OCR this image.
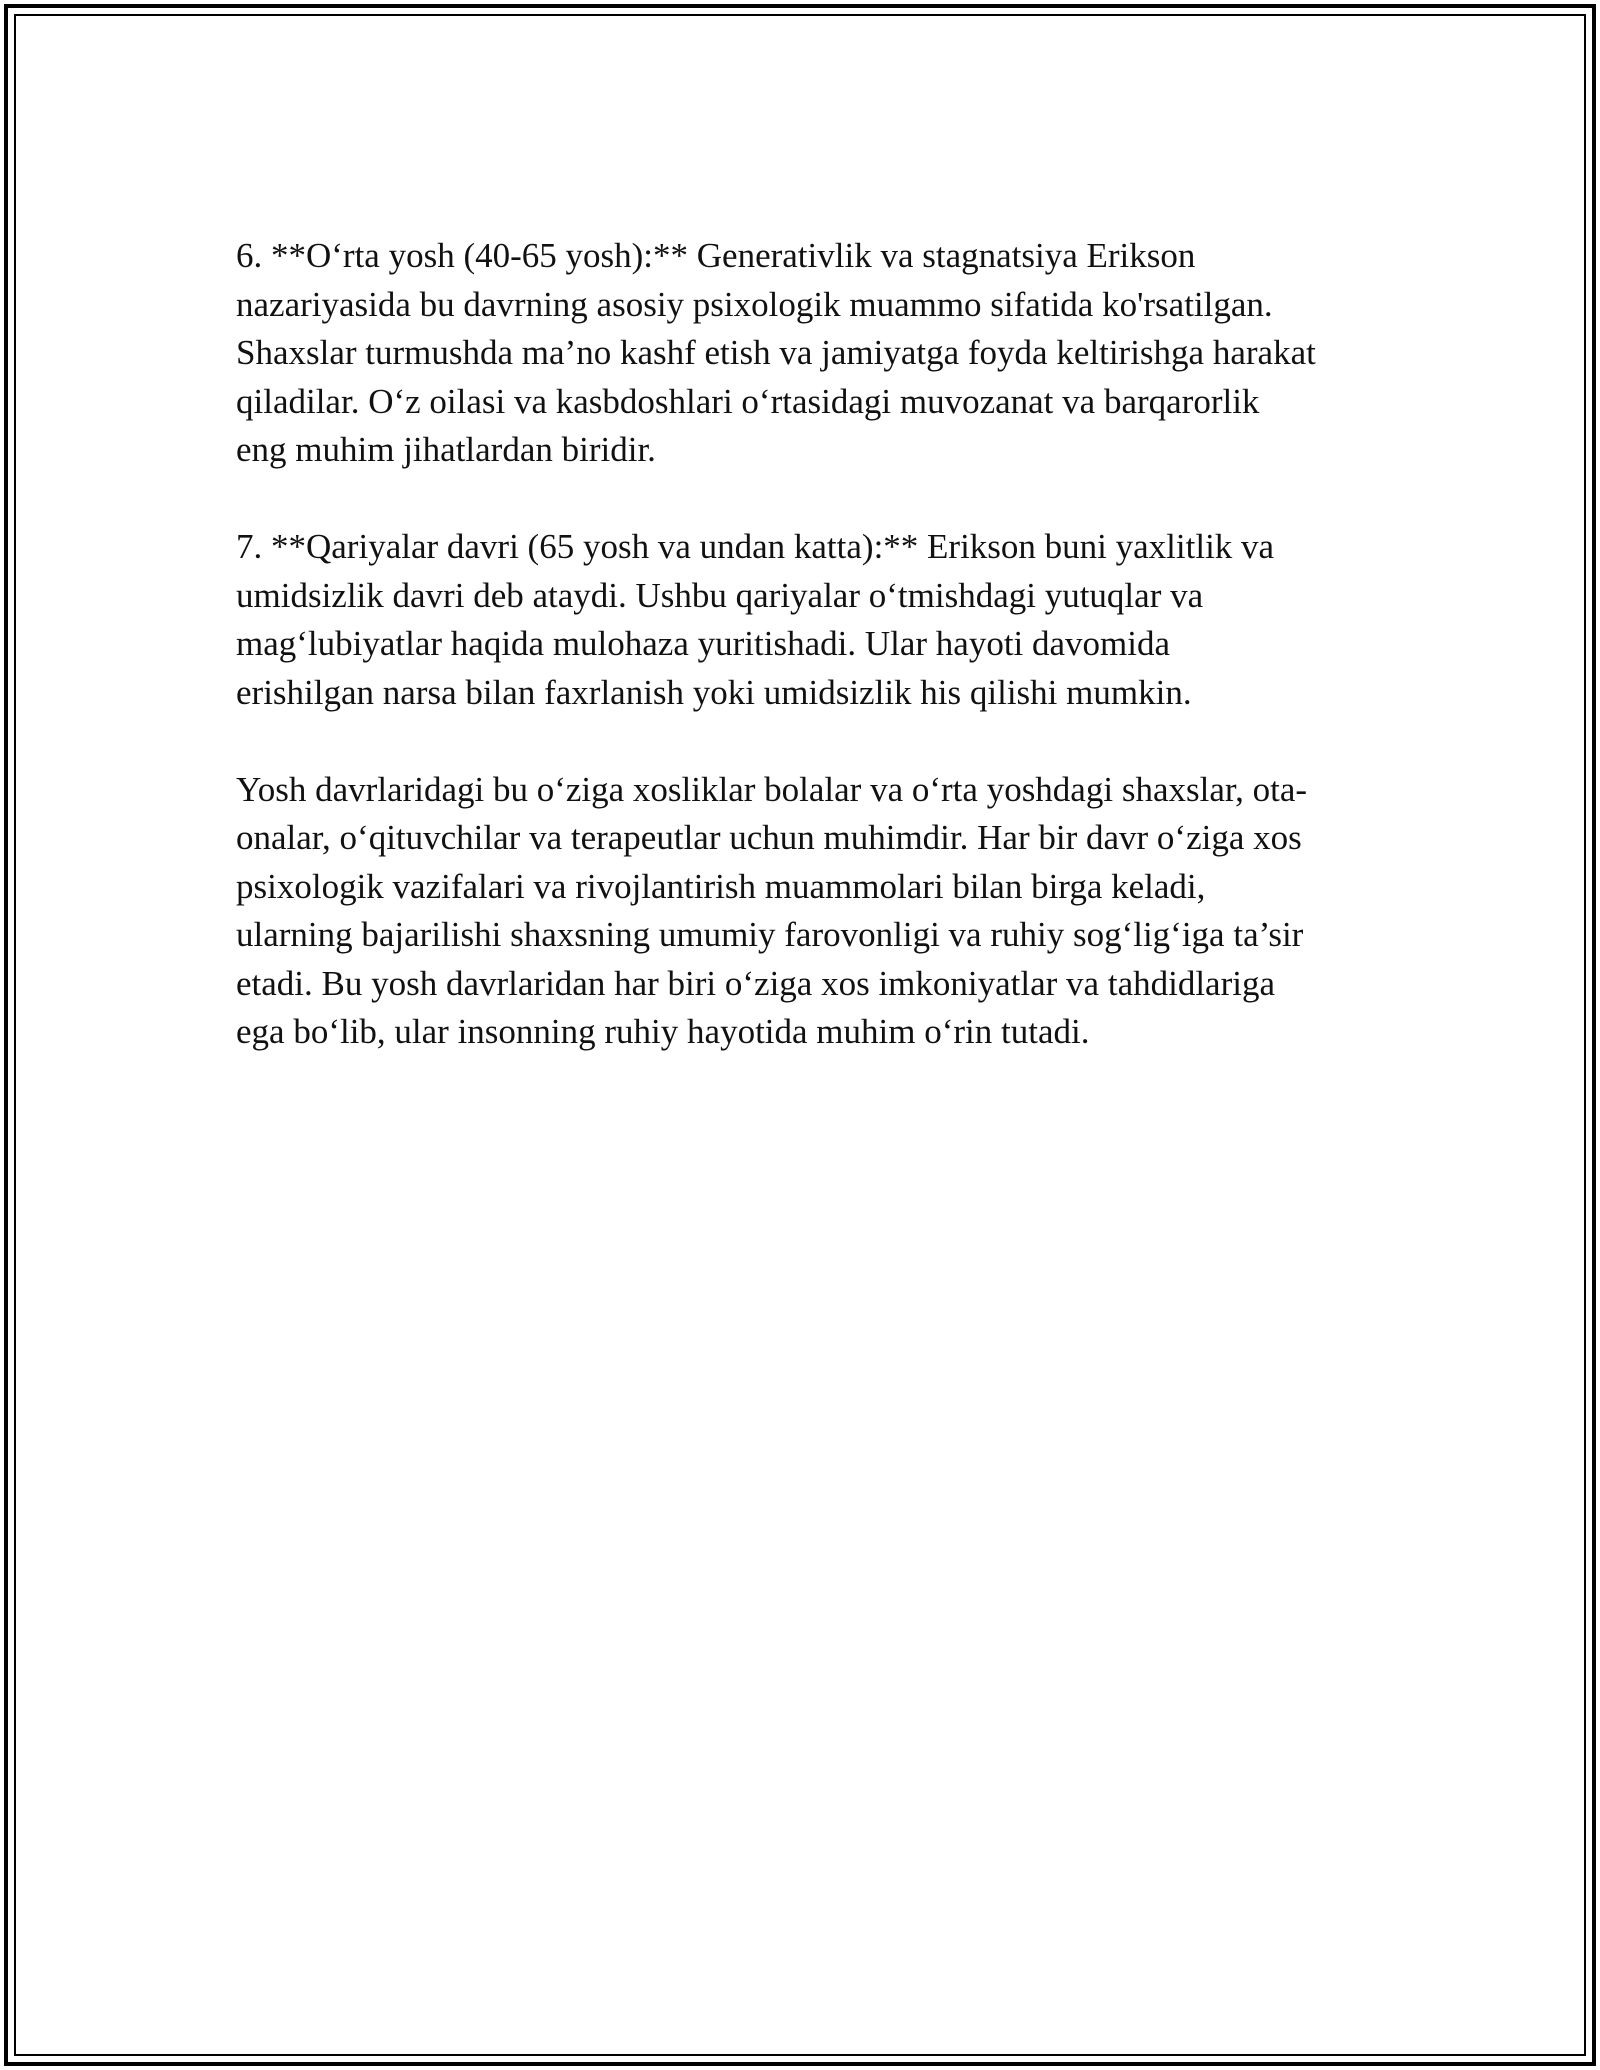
6. **O‘rta yosh (40-65 yosh):** Generativlik va stagnatsiya Erikson
nazariyasida bu davrning asosiy psixologik muammo sifatida ko'rsatilgan.
Shaxslar turmushda ma’no kashf etish va jamiyatga foyda keltirishga harakat
qiladilar. O‘z oilasi va kasbdoshlari o‘rtasidagi muvozanat va barqarorlik
eng muhim jihatlardan biridir.

7. **Qariyalar davri (65 yosh va undan katta):** Erikson buni yaxlitlik va
umidsizlik davri deb ataydi. Ushbu qariyalar o‘tmishdagi yutuqlar va
mag‘lubiyatlar haqida mulohaza yuritishadi. Ular hayoti davomida
erishilgan narsa bilan faxrlanish yoki umidsizlik his qilishi mumkin.

Yosh davrlaridagi bu o‘ziga xosliklar bolalar va o‘rta yoshdagi shaxslar, ota-
onalar, o‘qituvchilar va terapeutlar uchun muhimdir. Har bir davr o‘ziga xos
psixologik vazifalari va rivojlantirish muammolari bilan birga keladi,
ularning bajarilishi shaxsning umumiy farovonligi va ruhiy sog‘lig‘iga ta’sir
etadi. Bu yosh davrlaridan har biri o‘ziga xos imkoniyatlar va tahdidlariga
ega bo‘lib, ular insonning ruhiy hayotida muhim o‘rin tutadi.
